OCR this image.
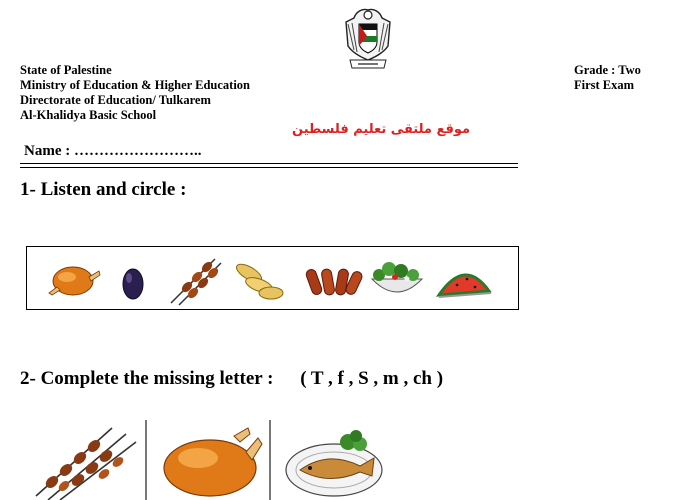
State of Palestine
Ministry of Education & Higher Education
Directorate of Education/ Tulkarem
Al-Khalidya Basic School
Grade : Two
First Exam
موقع ملتقى تعليم فلسطين
Name : ……………………..
1- Listen and circle :
2- Complete the missing letter : ( T , f , S , m , ch )
